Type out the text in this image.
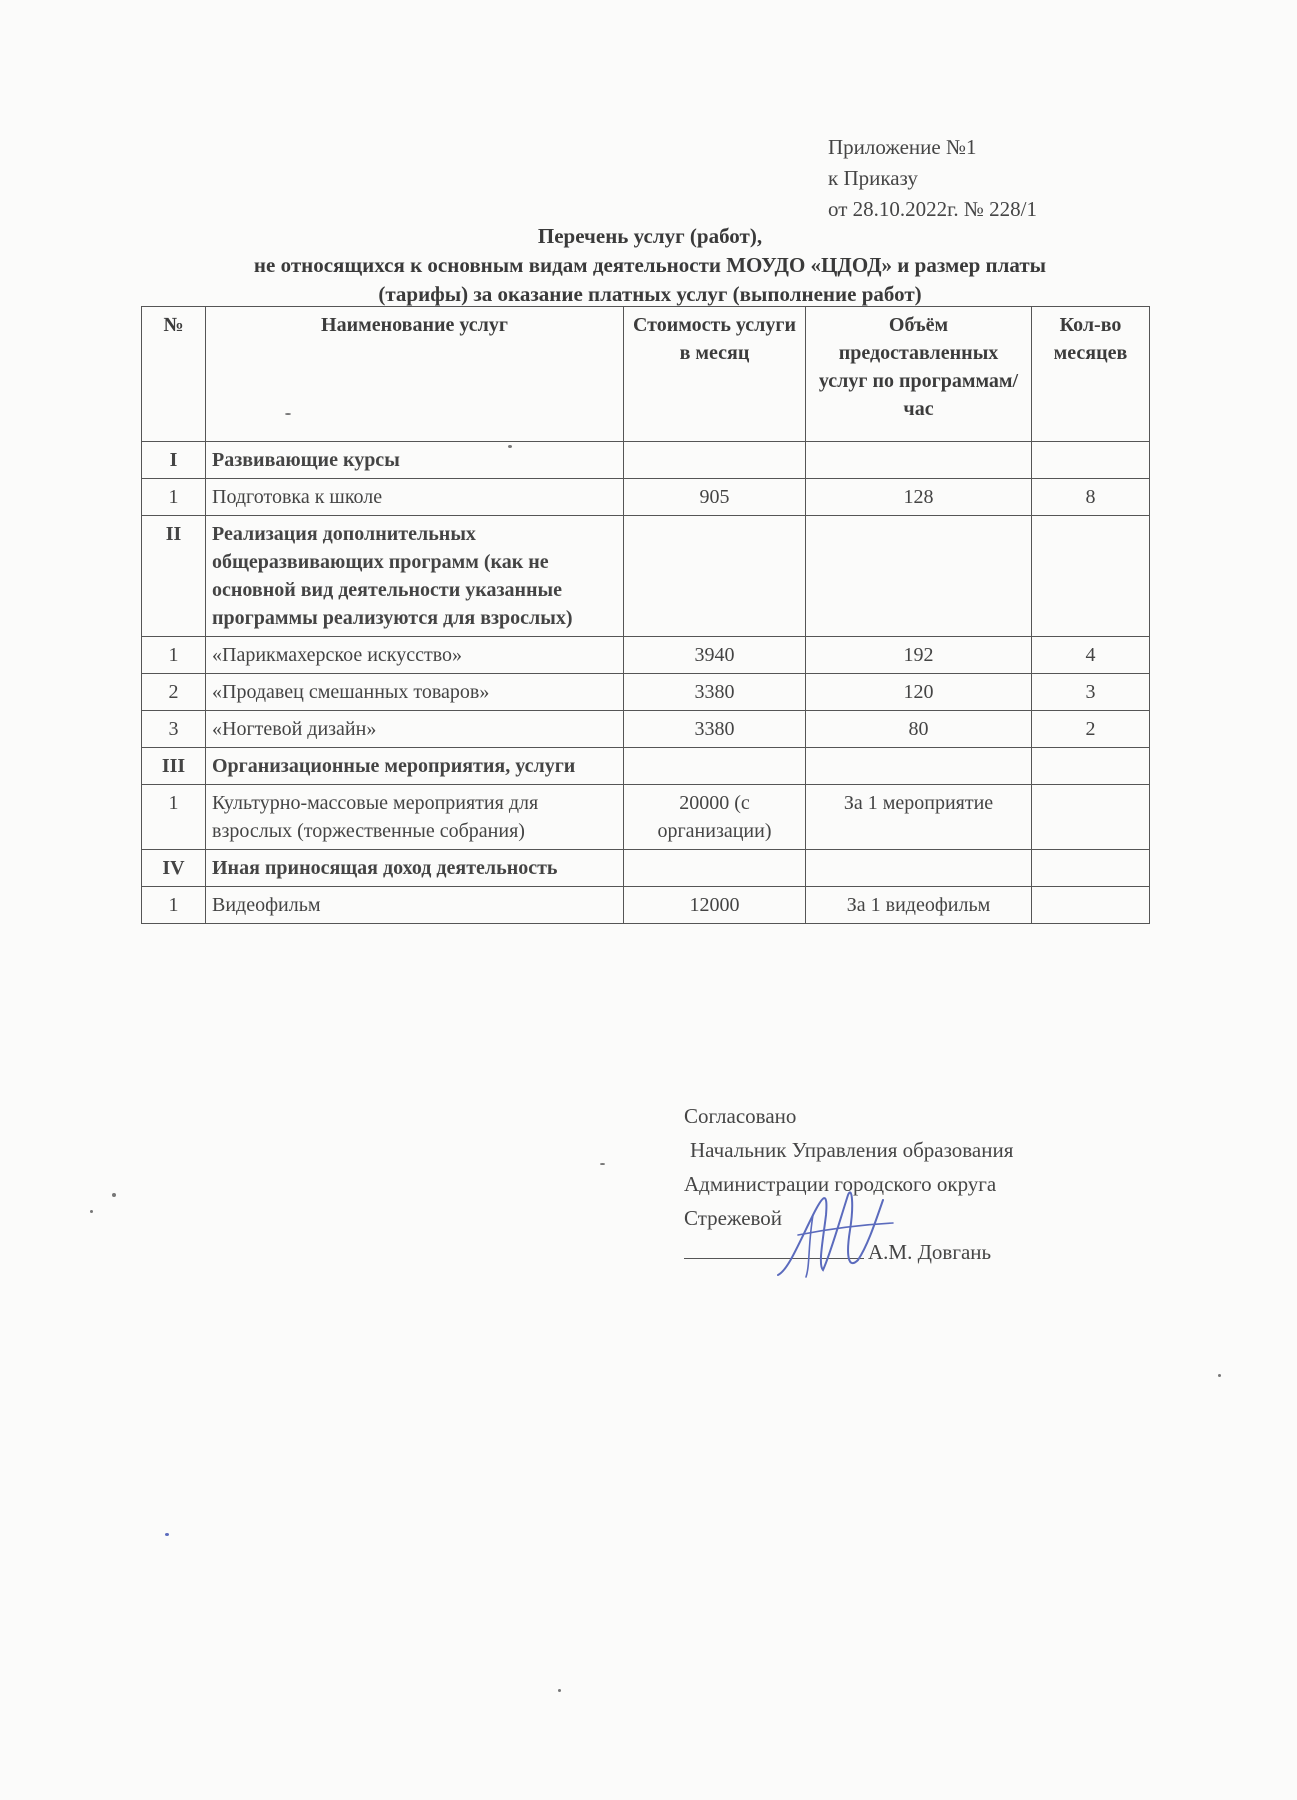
Приложение №1
к Приказу
от 28.10.2022г. № 228/1
Перечень услуг (работ),
не относящихся к основным видам деятельности МОУДО «ЦДОД» и размер платы
(тарифы) за оказание платных услуг (выполнение работ)
№	Наименование услуг	Стоимость услуги в месяц	Объём предоставленных услуг по программам/час	Кол-во месяцев
I	Развивающие курсы			
1	Подготовка к школе	905	128	8
II	Реализация дополнительных общеразвивающих программ (как не основной вид деятельности указанные программы реализуются для взрослых)			
1	«Парикмахерское искусство»	3940	192	4
2	«Продавец смешанных товаров»	3380	120	3
3	«Ногтевой дизайн»	3380	80	2
III	Организационные мероприятия, услуги			
1	Культурно-массовые мероприятия для взрослых (торжественные собрания)	20000 (с организации)	За 1 мероприятие	
IV	Иная приносящая доход деятельность			
1	Видеофильм	12000	За 1 видеофильм	
Согласовано
Начальник Управления образования
Администрации городского округа
Стрежевой
А.М. Довгань
